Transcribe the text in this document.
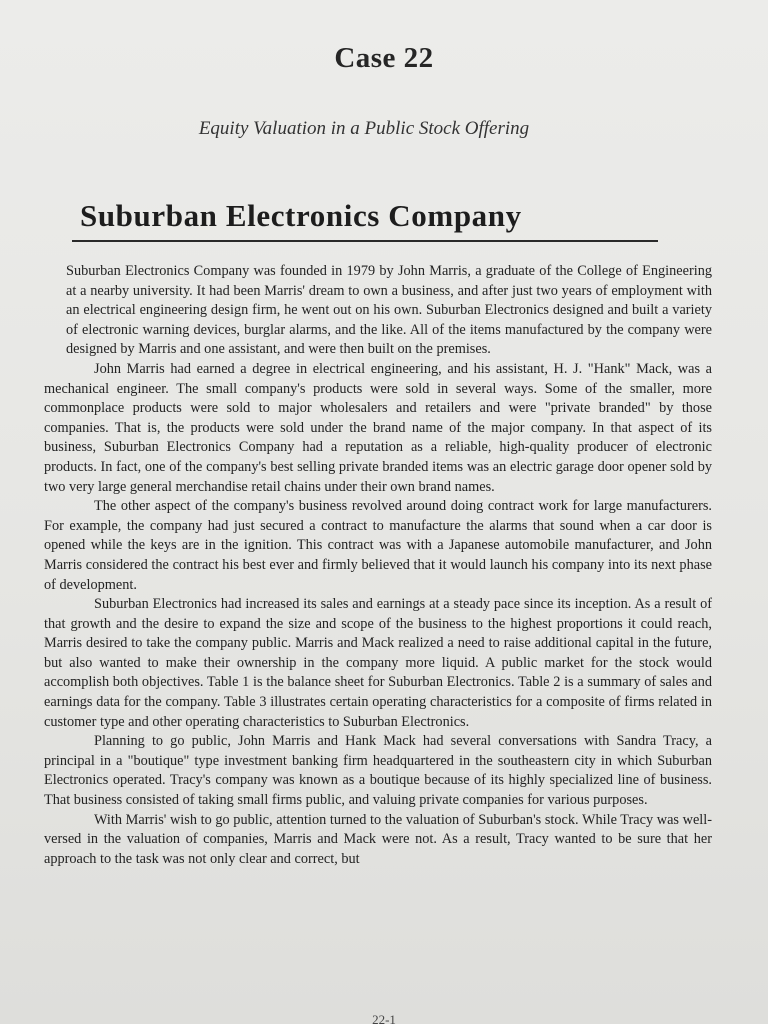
Case 22
Equity Valuation in a Public Stock Offering
Suburban Electronics Company

Suburban Electronics Company was founded in 1979 by John Marris, a graduate of the College of Engineering at a nearby university. It had been Marris' dream to own a business, and after just two years of employment with an electrical engineering design firm, he went out on his own. Suburban Electronics designed and built a variety of electronic warning devices, burglar alarms, and the like. All of the items manufactured by the company were designed by Marris and one assistant, and were then built on the premises.

John Marris had earned a degree in electrical engineering, and his assistant, H. J. "Hank" Mack, was a mechanical engineer. The small company's products were sold in several ways. Some of the smaller, more commonplace products were sold to major wholesalers and retailers and were "private branded" by those companies. That is, the products were sold under the brand name of the major company. In that aspect of its business, Suburban Electronics Company had a reputation as a reliable, high-quality producer of electronic products. In fact, one of the company's best selling private branded items was an electric garage door opener sold by two very large general merchandise retail chains under their own brand names.

The other aspect of the company's business revolved around doing contract work for large manufacturers. For example, the company had just secured a contract to manufacture the alarms that sound when a car door is opened while the keys are in the ignition. This contract was with a Japanese automobile manufacturer, and John Marris considered the contract his best ever and firmly believed that it would launch his company into its next phase of development.

Suburban Electronics had increased its sales and earnings at a steady pace since its inception. As a result of that growth and the desire to expand the size and scope of the business to the highest proportions it could reach, Marris desired to take the company public. Marris and Mack realized a need to raise additional capital in the future, but also wanted to make their ownership in the company more liquid. A public market for the stock would accomplish both objectives. Table 1 is the balance sheet for Suburban Electronics. Table 2 is a summary of sales and earnings data for the company. Table 3 illustrates certain operating characteristics for a composite of firms related in customer type and other operating characteristics to Suburban Electronics.

Planning to go public, John Marris and Hank Mack had several conversations with Sandra Tracy, a principal in a "boutique" type investment banking firm headquartered in the southeastern city in which Suburban Electronics operated. Tracy's company was known as a boutique because of its highly specialized line of business. That business consisted of taking small firms public, and valuing private companies for various purposes.

With Marris' wish to go public, attention turned to the valuation of Suburban's stock. While Tracy was well-versed in the valuation of companies, Marris and Mack were not. As a result, Tracy wanted to be sure that her approach to the task was not only clear and correct, but

22-1
